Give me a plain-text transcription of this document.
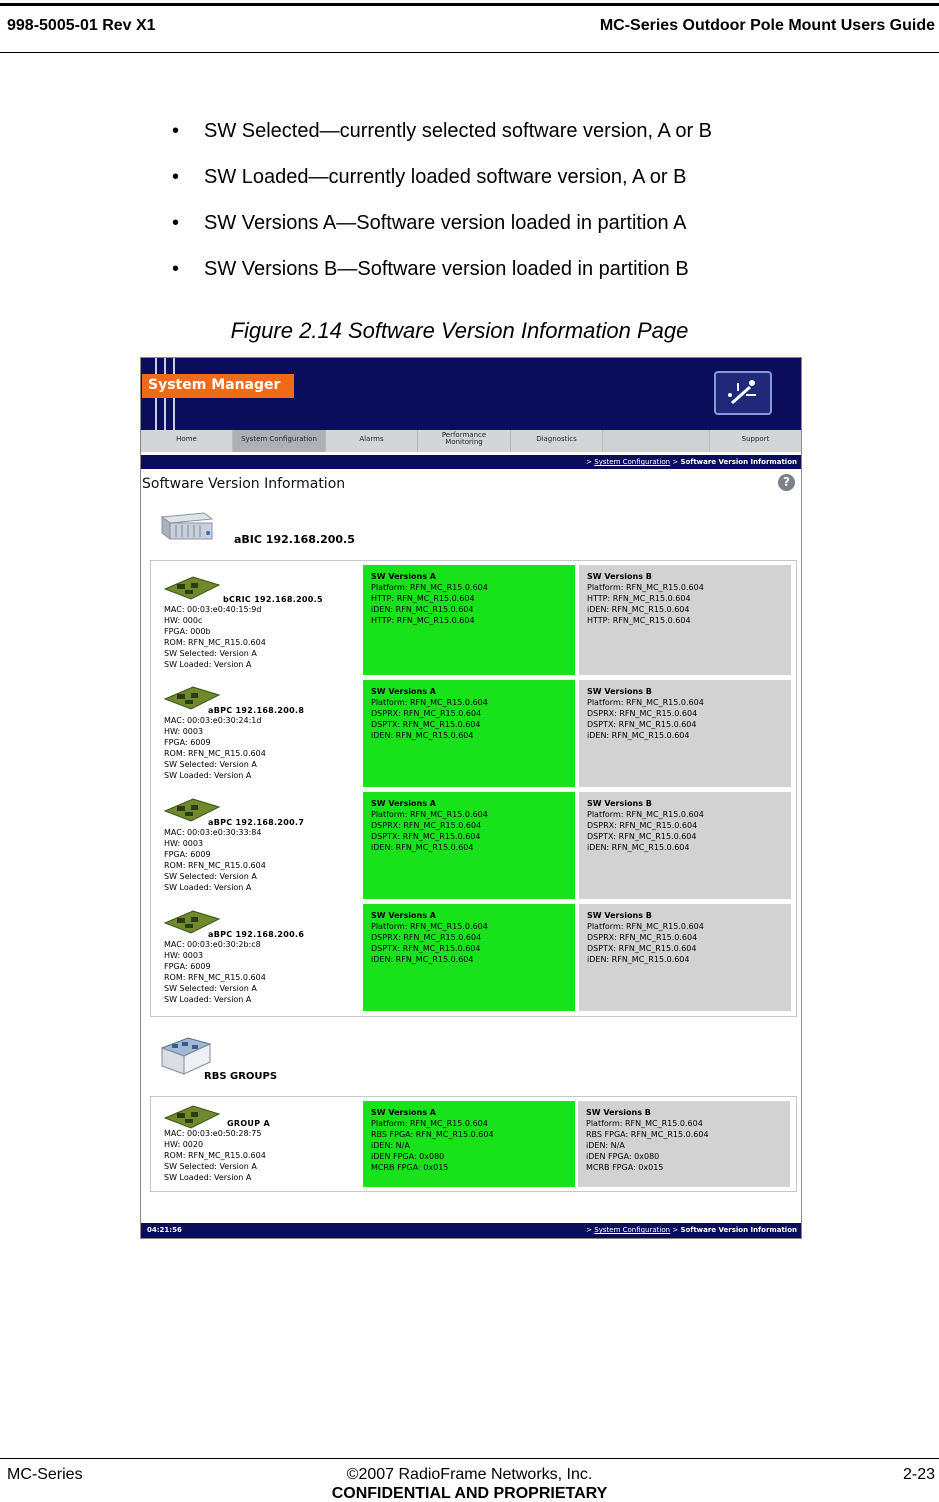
998-5005-01 Rev X1	MC-Series Outdoor Pole Mount Users Guide
• SW Selected—currently selected software version, A or B
• SW Loaded—currently loaded software version, A or B
• SW Versions A—Software version loaded in partition A
• SW Versions B—Software version loaded in partition B
Figure 2.14 Software Version Information Page
System Manager
Home	System Configuration	Alarms	Performance
Monitoring	Diagnostics	Support
> System Configuration > Software Version Information
Software Version Information	?
aBIC 192.168.200.5
bCRIC 192.168.200.5
MAC: 00:03:e0:40:15:9d
HW: 000c
FPGA: 000b
ROM: RFN_MC_R15.0.604
SW Selected: Version A
SW Loaded: Version A
SW Versions A
Platform: RFN_MC_R15.0.604
HTTP: RFN_MC_R15.0.604
iDEN: RFN_MC_R15.0.604
HTTP: RFN_MC_R15.0.604
SW Versions B
Platform: RFN_MC_R15.0.604
HTTP: RFN_MC_R15.0.604
iDEN: RFN_MC_R15.0.604
HTTP: RFN_MC_R15.0.604
aBPC 192.168.200.8
MAC: 00:03:e0:30:24:1d
HW: 0003
FPGA: 6009
ROM: RFN_MC_R15.0.604
SW Selected: Version A
SW Loaded: Version A
SW Versions A
Platform: RFN_MC_R15.0.604
DSPRX: RFN_MC_R15.0.604
DSPTX: RFN_MC_R15.0.604
iDEN: RFN_MC_R15.0.604
SW Versions B
Platform: RFN_MC_R15.0.604
DSPRX: RFN_MC_R15.0.604
DSPTX: RFN_MC_R15.0.604
iDEN: RFN_MC_R15.0.604
aBPC 192.168.200.7
MAC: 00:03:e0:30:33:84
HW: 0003
FPGA: 6009
ROM: RFN_MC_R15.0.604
SW Selected: Version A
SW Loaded: Version A
SW Versions A
Platform: RFN_MC_R15.0.604
DSPRX: RFN_MC_R15.0.604
DSPTX: RFN_MC_R15.0.604
iDEN: RFN_MC_R15.0.604
SW Versions B
Platform: RFN_MC_R15.0.604
DSPRX: RFN_MC_R15.0.604
DSPTX: RFN_MC_R15.0.604
iDEN: RFN_MC_R15.0.604
aBPC 192.168.200.6
MAC: 00:03:e0:30:2b:c8
HW: 0003
FPGA: 6009
ROM: RFN_MC_R15.0.604
SW Selected: Version A
SW Loaded: Version A
SW Versions A
Platform: RFN_MC_R15.0.604
DSPRX: RFN_MC_R15.0.604
DSPTX: RFN_MC_R15.0.604
iDEN: RFN_MC_R15.0.604
SW Versions B
Platform: RFN_MC_R15.0.604
DSPRX: RFN_MC_R15.0.604
DSPTX: RFN_MC_R15.0.604
iDEN: RFN_MC_R15.0.604
RBS GROUPS
GROUP A
MAC: 00:03:e0:50:28:75
HW: 0020
ROM: RFN_MC_R15.0.604
SW Selected: Version A
SW Loaded: Version A
SW Versions A
Platform: RFN_MC_R15.0.604
RBS FPGA: RFN_MC_R15.0.604
iDEN: N/A
iDEN FPGA: 0x080
MCRB FPGA: 0x015
SW Versions B
Platform: RFN_MC_R15.0.604
RBS FPGA: RFN_MC_R15.0.604
iDEN: N/A
iDEN FPGA: 0x080
MCRB FPGA: 0x015
04:21:56	> System Configuration > Software Version Information
MC-Series	©2007 RadioFrame Networks, Inc.	2-23
CONFIDENTIAL AND PROPRIETARY
